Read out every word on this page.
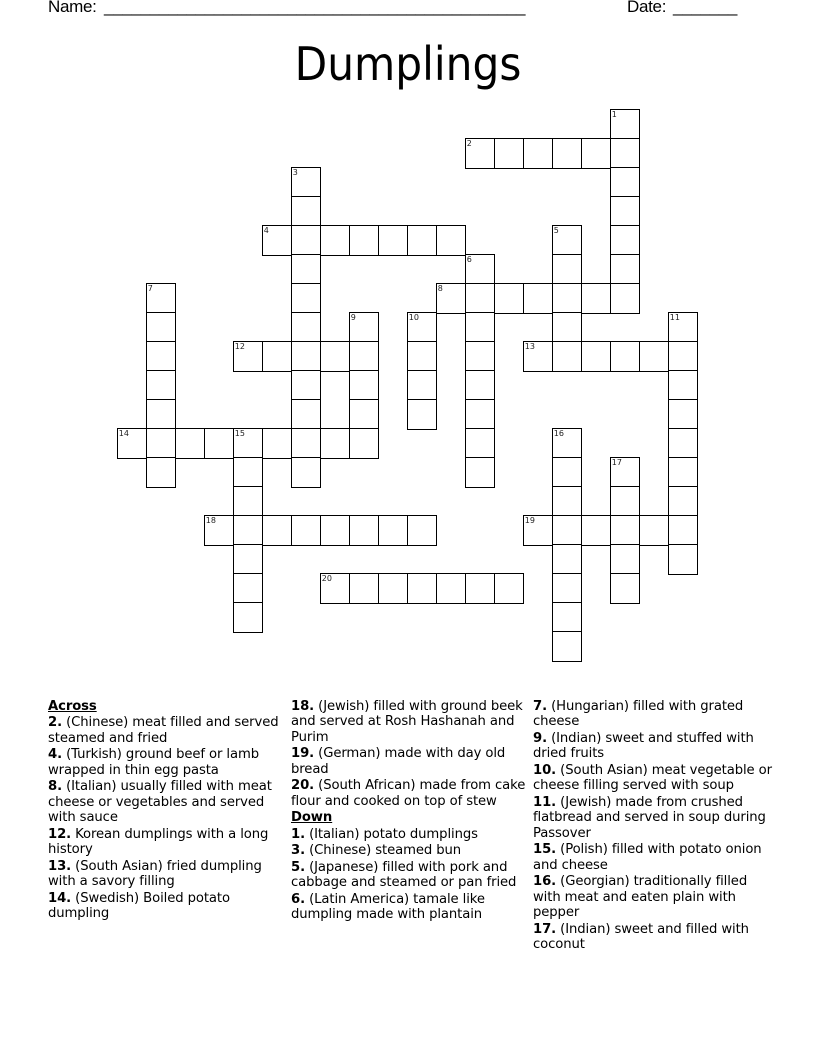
Name:

______________________________________________

	Date:

_______

Dumplings
1
2
3
4	5
6
7	8
9	10	11
12	13
14	15	16
17
18	19
20
Across
2. (Chinese) meat filled and served steamed and fried
4. (Turkish) ground beef or lamb wrapped in thin egg pasta
8. (Italian) usually filled with meat cheese or vegetables and served with sauce
12. Korean dumplings with a long history
13. (South Asian) fried dumpling with a savory filling
14. (Swedish) Boiled potato dumpling
18. (Jewish) filled with ground beek and served at Rosh Hashanah and Purim
19. (German) made with day old bread
20. (South African) made from cake flour and cooked on top of stew
Down
1. (Italian) potato dumplings
3. (Chinese) steamed bun
5. (Japanese) filled with pork and cabbage and steamed or pan fried
6. (Latin America) tamale like dumpling made with plantain
7. (Hungarian) filled with grated cheese
9. (Indian) sweet and stuffed with dried fruits
10. (South Asian) meat vegetable or cheese filling served with soup
11. (Jewish) made from crushed flatbread and served in soup during Passover
15. (Polish) filled with potato onion and cheese
16. (Georgian) traditionally filled with meat and eaten plain with pepper
17. (Indian) sweet and filled with coconut
